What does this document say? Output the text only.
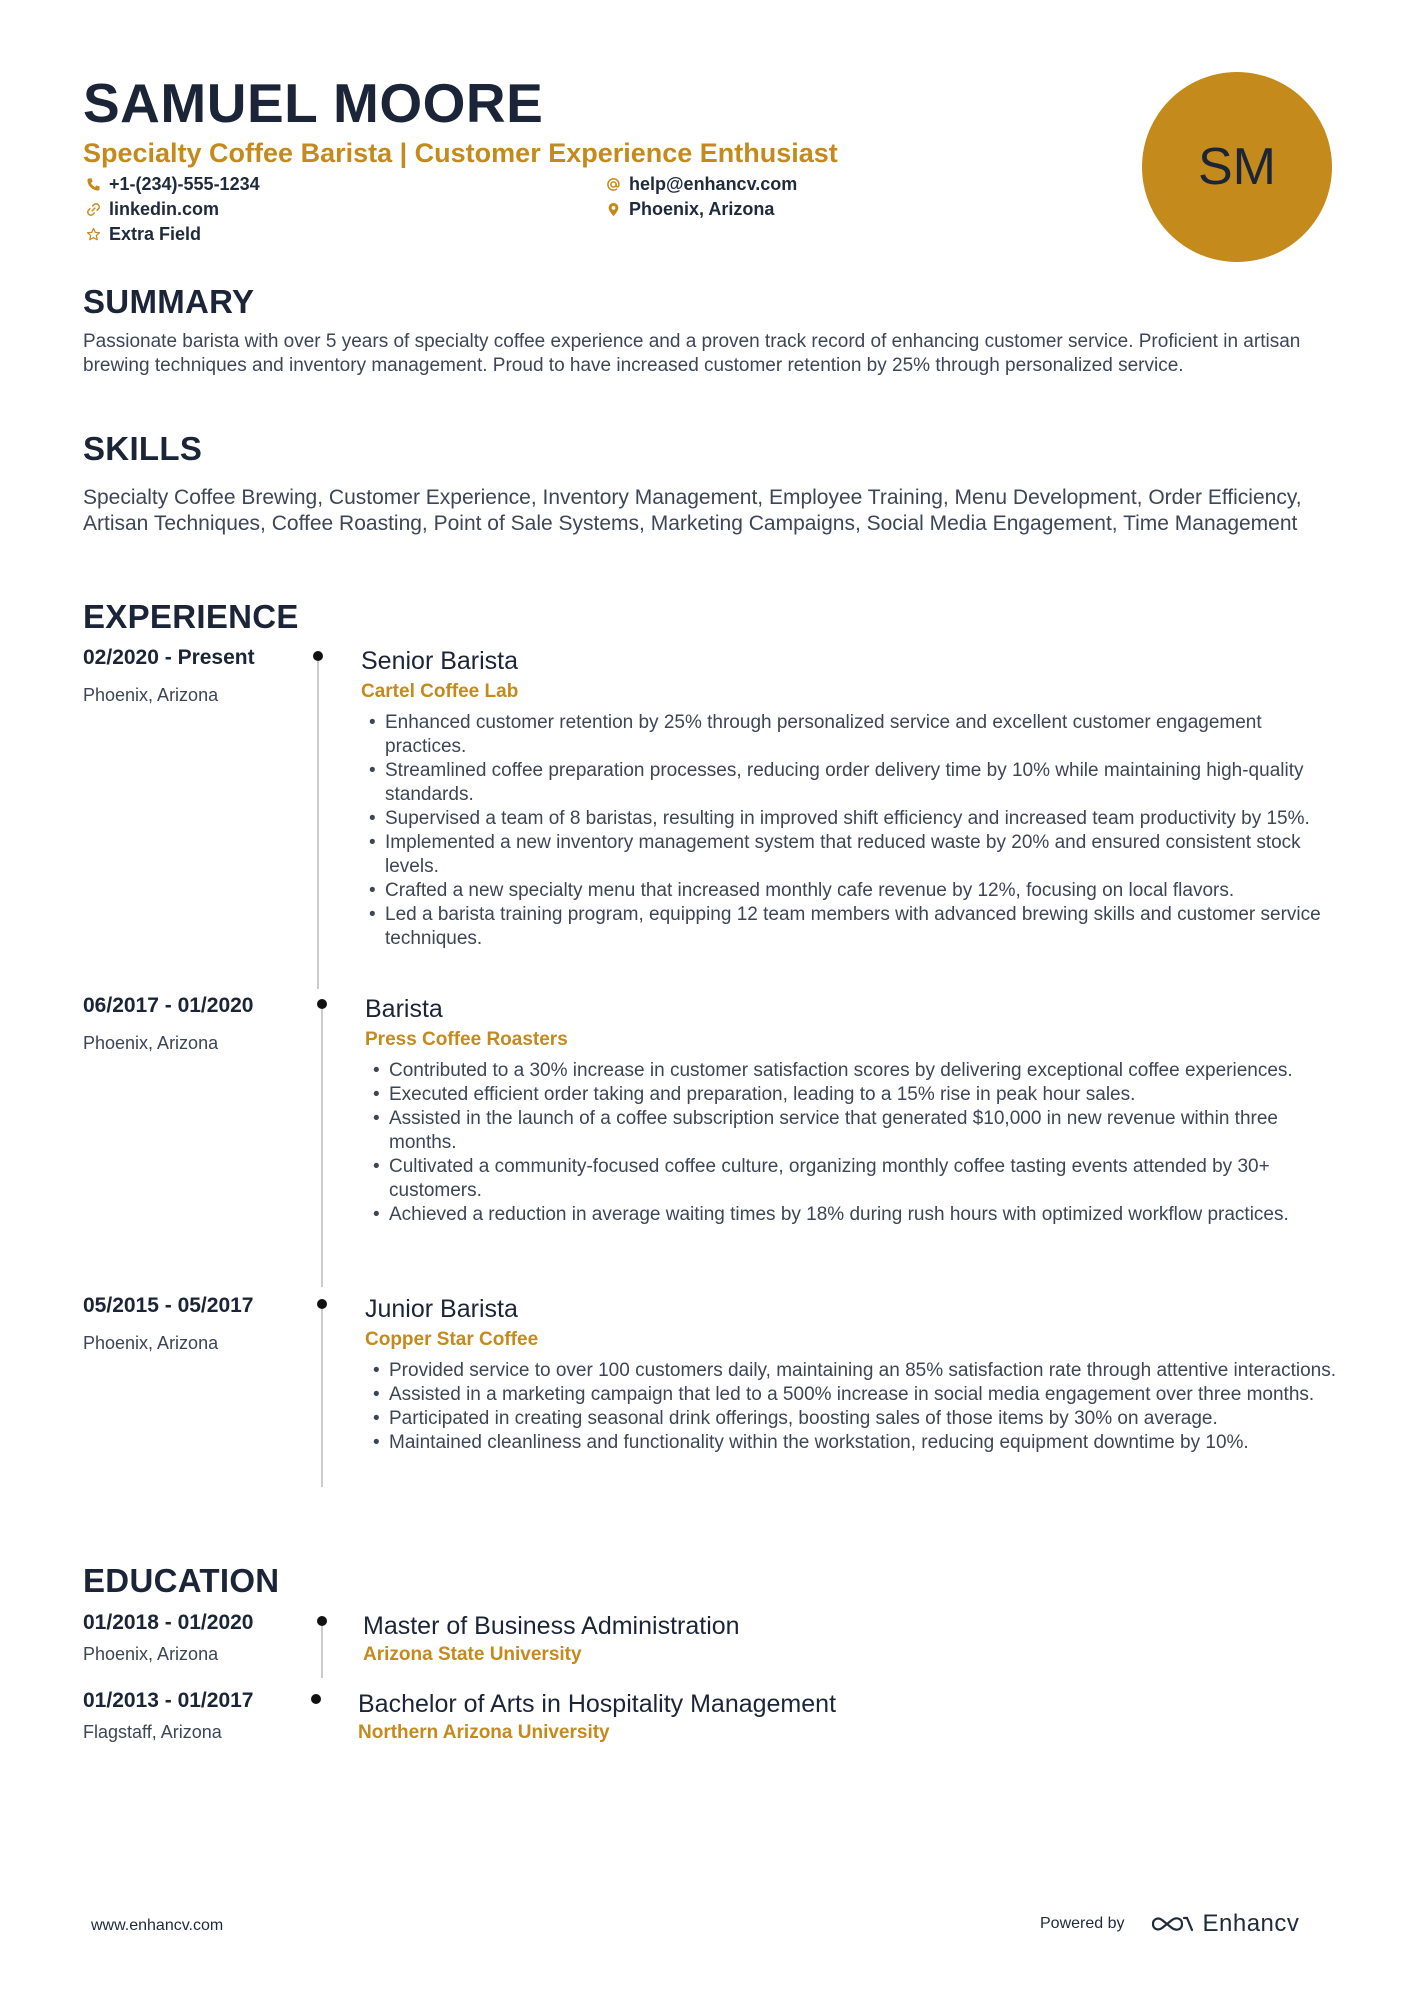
SAMUEL MOORE
Specialty Coffee Barista | Customer Experience Enthusiast
+1-(234)-555-1234	help@enhancv.com
linkedin.com	Phoenix, Arizona
Extra Field
SM
SUMMARY
Passionate barista with over 5 years of specialty coffee experience and a proven track record of enhancing customer service. Proficient in artisan brewing techniques and inventory management. Proud to have increased customer retention by 25% through personalized service.
SKILLS
Specialty Coffee Brewing, Customer Experience, Inventory Management, Employee Training, Menu Development, Order Efficiency, Artisan Techniques, Coffee Roasting, Point of Sale Systems, Marketing Campaigns, Social Media Engagement, Time Management
EXPERIENCE
02/2020 - Present
Phoenix, Arizona
Senior Barista
Cartel Coffee Lab
• Enhanced customer retention by 25% through personalized service and excellent customer engagement practices.
• Streamlined coffee preparation processes, reducing order delivery time by 10% while maintaining high-quality standards.
• Supervised a team of 8 baristas, resulting in improved shift efficiency and increased team productivity by 15%.
• Implemented a new inventory management system that reduced waste by 20% and ensured consistent stock levels.
• Crafted a new specialty menu that increased monthly cafe revenue by 12%, focusing on local flavors.
• Led a barista training program, equipping 12 team members with advanced brewing skills and customer service techniques.
06/2017 - 01/2020
Phoenix, Arizona
Barista
Press Coffee Roasters
• Contributed to a 30% increase in customer satisfaction scores by delivering exceptional coffee experiences.
• Executed efficient order taking and preparation, leading to a 15% rise in peak hour sales.
• Assisted in the launch of a coffee subscription service that generated $10,000 in new revenue within three months.
• Cultivated a community-focused coffee culture, organizing monthly coffee tasting events attended by 30+ customers.
• Achieved a reduction in average waiting times by 18% during rush hours with optimized workflow practices.
05/2015 - 05/2017
Phoenix, Arizona
Junior Barista
Copper Star Coffee
• Provided service to over 100 customers daily, maintaining an 85% satisfaction rate through attentive interactions.
• Assisted in a marketing campaign that led to a 500% increase in social media engagement over three months.
• Participated in creating seasonal drink offerings, boosting sales of those items by 30% on average.
• Maintained cleanliness and functionality within the workstation, reducing equipment downtime by 10%.
EDUCATION
01/2018 - 01/2020
Phoenix, Arizona
Master of Business Administration
Arizona State University
01/2013 - 01/2017
Flagstaff, Arizona
Bachelor of Arts in Hospitality Management
Northern Arizona University
www.enhancv.com	Powered by	Enhancv
